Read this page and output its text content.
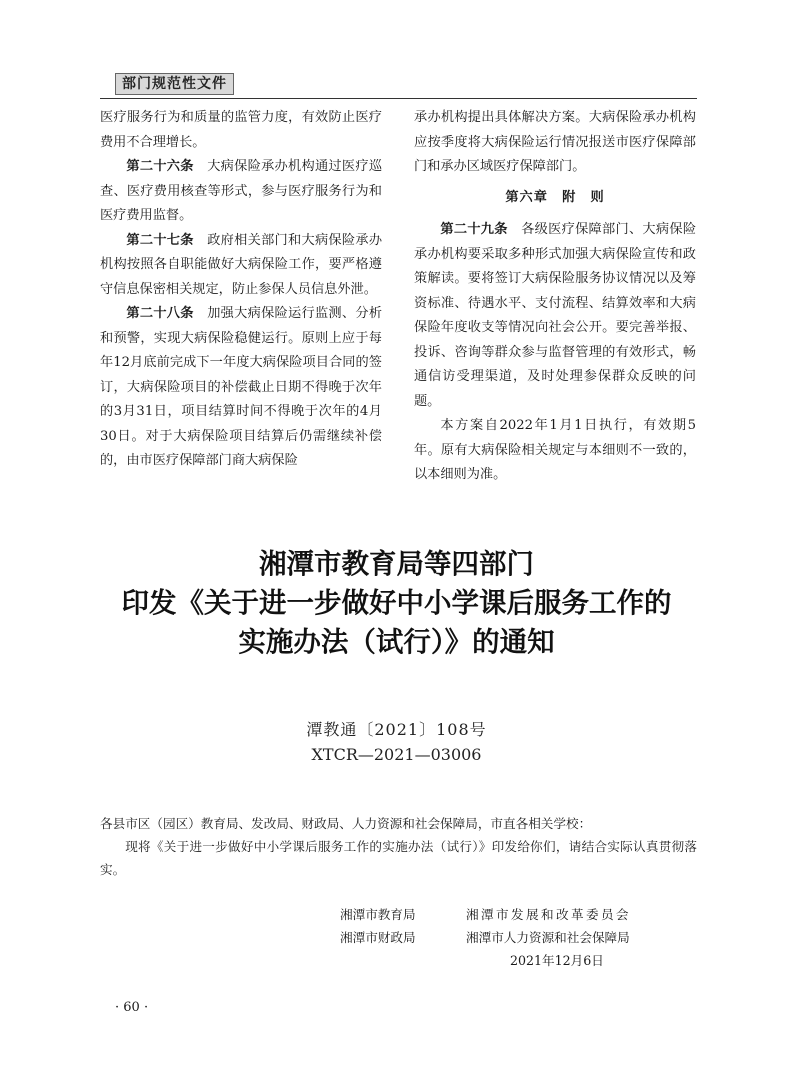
部门规范性文件

医疗服务行为和质量的监管力度，有效防止医疗费用不合理增长。

第二十六条　大病保险承办机构通过医疗巡查、医疗费用核查等形式，参与医疗服务行为和医疗费用监督。

第二十七条　政府相关部门和大病保险承办机构按照各自职能做好大病保险工作，要严格遵守信息保密相关规定，防止参保人员信息外泄。

第二十八条　加强大病保险运行监测、分析和预警，实现大病保险稳健运行。原则上应于每年12月底前完成下一年度大病保险项目合同的签订，大病保险项目的补偿截止日期不得晚于次年的3月31日，项目结算时间不得晚于次年的4月30日。对于大病保险项目结算后仍需继续补偿的，由市医疗保障部门商大病保险

承办机构提出具体解决方案。大病保险承办机构应按季度将大病保险运行情况报送市医疗保障部门和承办区域医疗保障部门。

第六章　附　则

第二十九条　各级医疗保障部门、大病保险承办机构要采取多种形式加强大病保险宣传和政策解读。要将签订大病保险服务协议情况以及筹资标准、待遇水平、支付流程、结算效率和大病保险年度收支等情况向社会公开。要完善举报、投诉、咨询等群众参与监督管理的有效形式，畅通信访受理渠道，及时处理参保群众反映的问题。

本方案自2022年1月1日执行，有效期5年。原有大病保险相关规定与本细则不一致的，以本细则为准。

湘潭市教育局等四部门
印发《关于进一步做好中小学课后服务工作的
实施办法（试行）》的通知
潭教通〔2021〕108号
XTCR—2021—03006

各县市区（园区）教育局、发改局、财政局、人力资源和社会保障局，市直各相关学校：

现将《关于进一步做好中小学课后服务工作的实施办法（试行）》印发给你们，请结合实际认真贯彻落实。

湘潭市教育局	湘潭市发展和改革委员会
湘潭市财政局	湘潭市人力资源和社会保障局
2021年12月6日
· 60 ·
